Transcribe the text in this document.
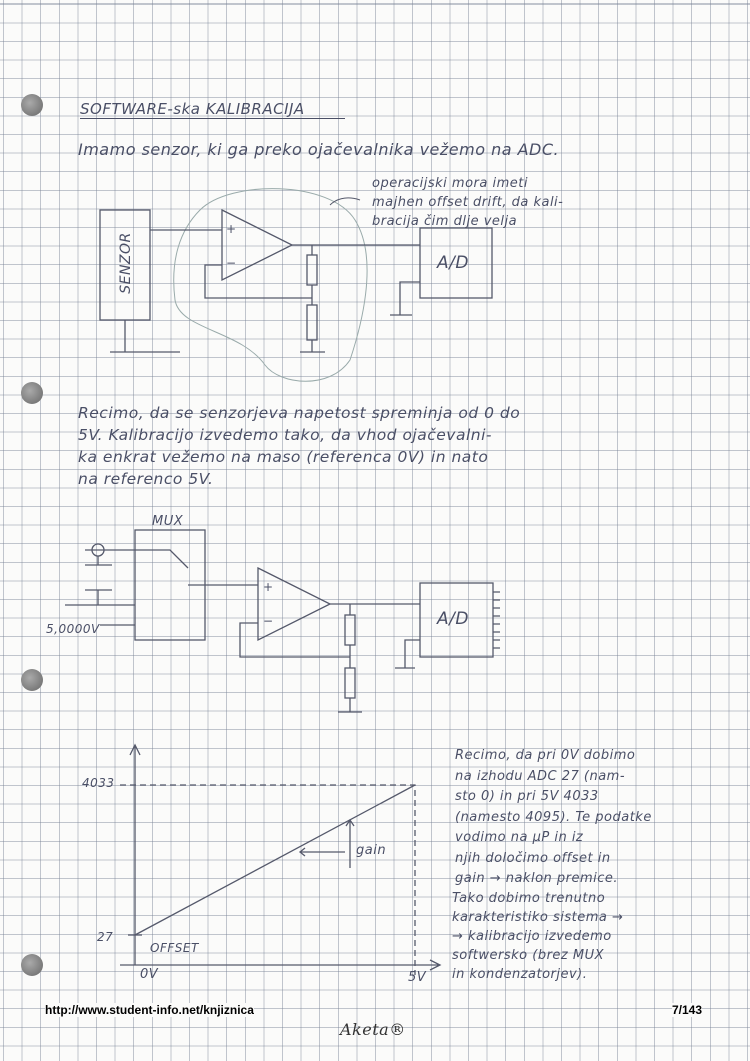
SOFTWARE-ska KALIBRACIJA
Imamo senzor, ki ga preko ojačevalnika vežemo na ADC.
operacijski mora imeti
majhen offset drift, da kali-
bracija čim dlje velja
SENZOR
+
−	A/D
Recimo, da se senzorjeva napetost spreminja od 0 do
5V. Kalibracijo izvedemo tako, da vhod ojačevalni-
ka enkrat vežemo na maso (referenca 0V) in nato
na referenco 5V.
MUX
5,0000V
+
−	A/D
4033
27
OFFSET
0V	5V
gain
Recimo, da pri 0V dobimo
na izhodu ADC 27 (nam-
sto 0) in pri 5V 4033
(namesto 4095). Te podatke
vodimo na µP in iz
njih določimo offset in
gain → naklon premice.
Tako dobimo trenutno
karakteristiko sistema →
→ kalibracijo izvedemo
softwersko (brez MUX
in kondenzatorjev).
http://www.student-info.net/knjiznica	7/143
Aketa®
